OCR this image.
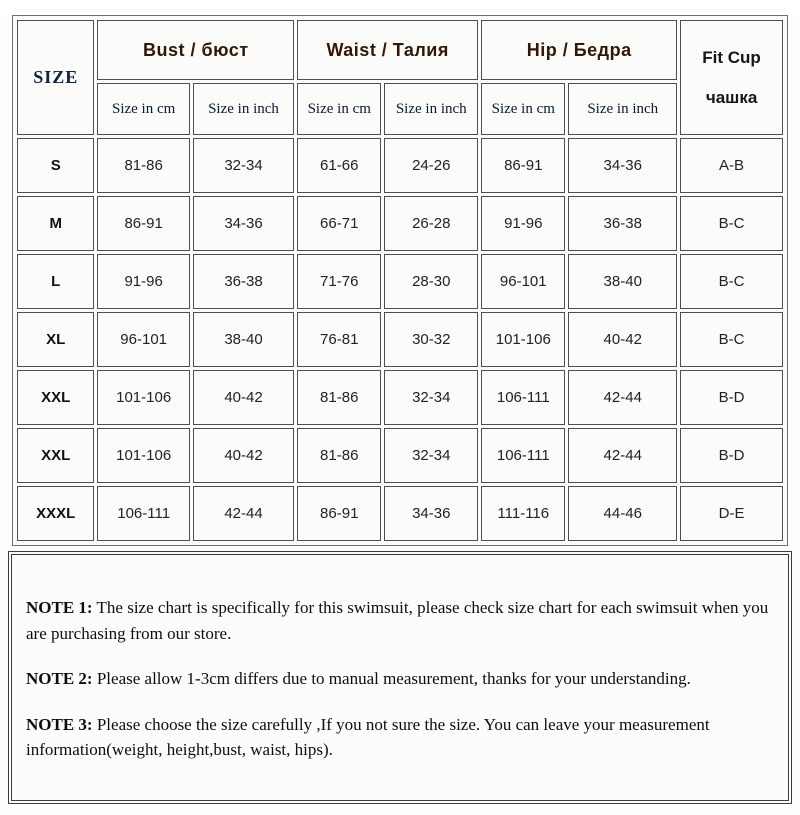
SIZE	Bust / бюст		Waist / Талия		Hip / Бедра		Fit Cup
чашка

	Size in cm	Size in inch	Size in cm	Size in inch	Size in cm	Size in inch	
S	81-86	32-34	61-66	24-26	86-91	34-36	A-B
M	86-91	34-36	66-71	26-28	91-96	36-38	B-C
L	91-96	36-38	71-76	28-30	96-101	38-40	B-C
XL	96-101	38-40	76-81	30-32	101-106	40-42	B-C
XXL	101-106	40-42	81-86	32-34	106-111	42-44	B-D
XXL	101-106	40-42	81-86	32-34	106-111	42-44	B-D
XXXL	106-111	42-44	86-91	34-36	111-116	44-46	D-E

NOTE 1: The size chart is specifically for this swimsuit, please check size chart for each swimsuit when you are purchasing from our store.

NOTE 2: Please allow 1-3cm differs due to manual measurement, thanks for your understanding.

NOTE 3: Please choose the size carefully ,If you not sure the size. You can leave your measurement information(weight, height,bust, waist, hips).
